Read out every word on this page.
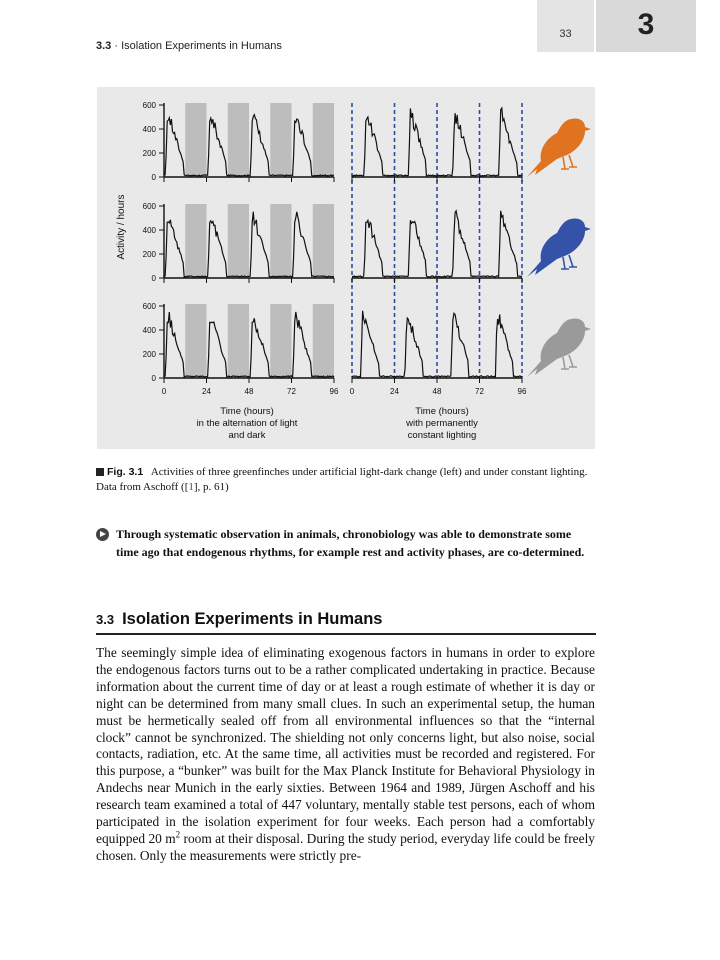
33	3
3.3 · Isolation Experiments in Humans
Activity / hours
0
200
400
600
0
200
400
600
0
200
400
600
0	0
24	24
48	48
72	72
96	96
Time (hours)
in the alternation of light
and dark
Time (hours)
with permanently
constant lighting
Fig. 3.1 Activities of three greenfinches under artificial light-dark change (left) and under constant lighting. Data from Aschoff ([1], p. 61)
Through systematic observation in animals, chronobiology was able to demonstrate some time ago that endogenous rhythms, for example rest and activity phases, are co-determined.
3.3 Isolation Experiments in Humans

The seemingly simple idea of eliminating exogenous factors in humans in order to explore the endogenous factors turns out to be a rather complicated undertaking in practice. Because information about the current time of day or at least a rough estimate of whether it is day or night can be determined from many small clues. In such an experimental setup, the human must be hermetically sealed off from all environmental influences so that the “internal clock” cannot be synchronized. The shielding not only concerns light, but also noise, social contacts, radiation, etc. At the same time, all activities must be recorded and registered. For this purpose, a “bunker” was built for the Max Planck Institute for Behavioral Physiology in Andechs near Munich in the early sixties. Between 1964 and 1989, Jürgen Aschoff and his research team examined a total of 447 voluntary, mentally stable test persons, each of whom participated in the isolation experiment for four weeks. Each person had a comfortably equipped 20 $m^2$ room at their disposal. During the study period, everyday life could be freely chosen. Only the measurements were strictly pre-
